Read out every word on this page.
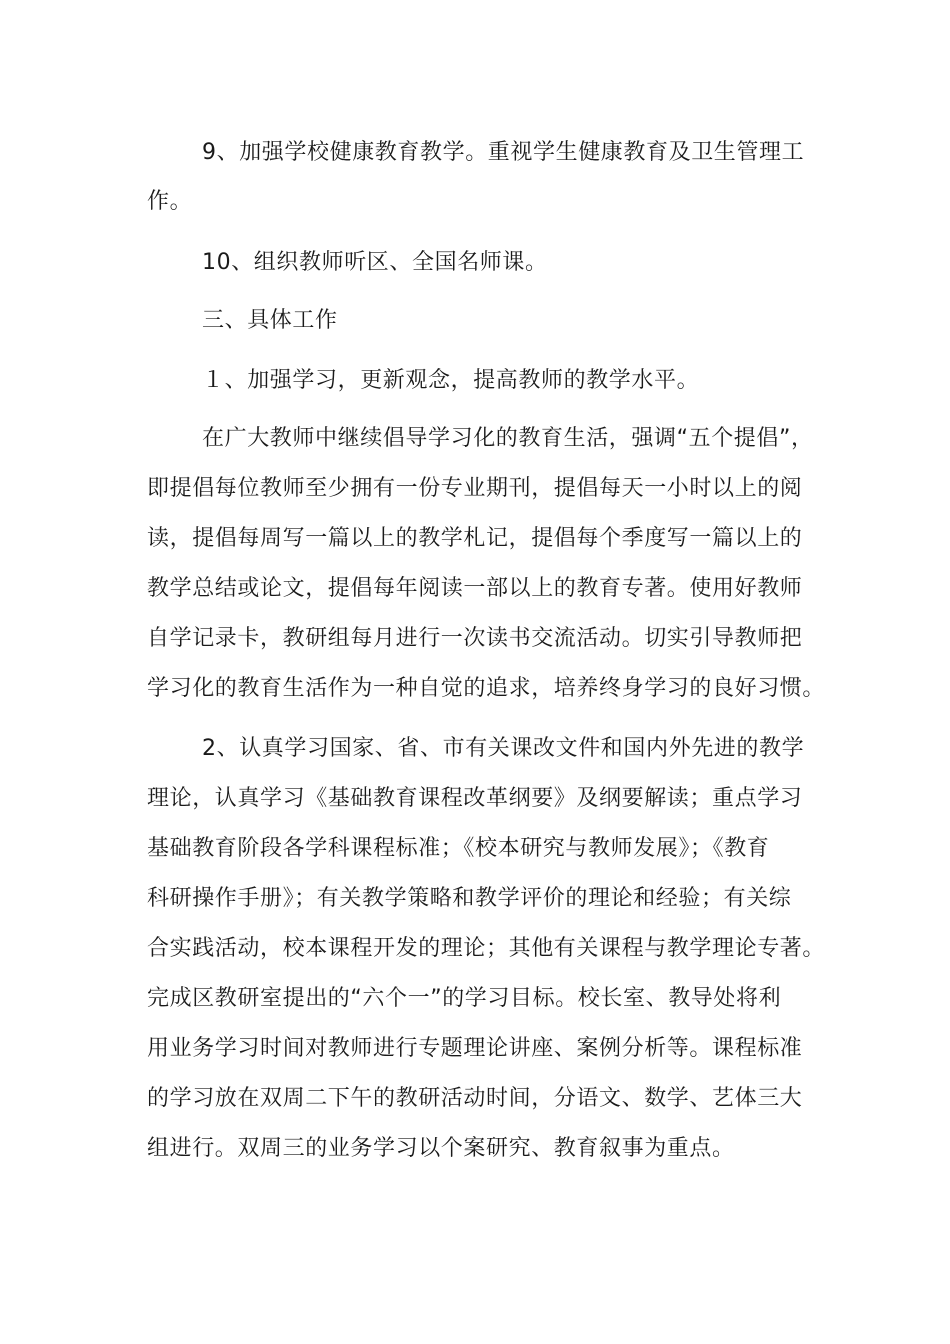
9、加强学校健康教育教学。重视学生健康教育及卫生管理工
作。
10、组织教师听区、全国名师课。
三、具体工作
１、加强学习，更新观念，提高教师的教学水平。
在广大教师中继续倡导学习化的教育生活，强调“五个提倡”，
即提倡每位教师至少拥有一份专业期刊，提倡每天一小时以上的阅
读，提倡每周写一篇以上的教学札记，提倡每个季度写一篇以上的
教学总结或论文，提倡每年阅读一部以上的教育专著。使用好教师
自学记录卡，教研组每月进行一次读书交流活动。切实引导教师把
学习化的教育生活作为一种自觉的追求，培养终身学习的良好习惯。
2、认真学习国家、省、市有关课改文件和国内外先进的教学
理论，认真学习《基础教育课程改革纲要》及纲要解读；重点学习
基础教育阶段各学科课程标准；《校本研究与教师发展》；《教育
科研操作手册》；有关教学策略和教学评价的理论和经验；有关综
合实践活动，校本课程开发的理论；其他有关课程与教学理论专著。
完成区教研室提出的“六个一”的学习目标。校长室、教导处将利
用业务学习时间对教师进行专题理论讲座、案例分析等。课程标准
的学习放在双周二下午的教研活动时间，分语文、数学、艺体三大
组进行。双周三的业务学习以个案研究、教育叙事为重点。
